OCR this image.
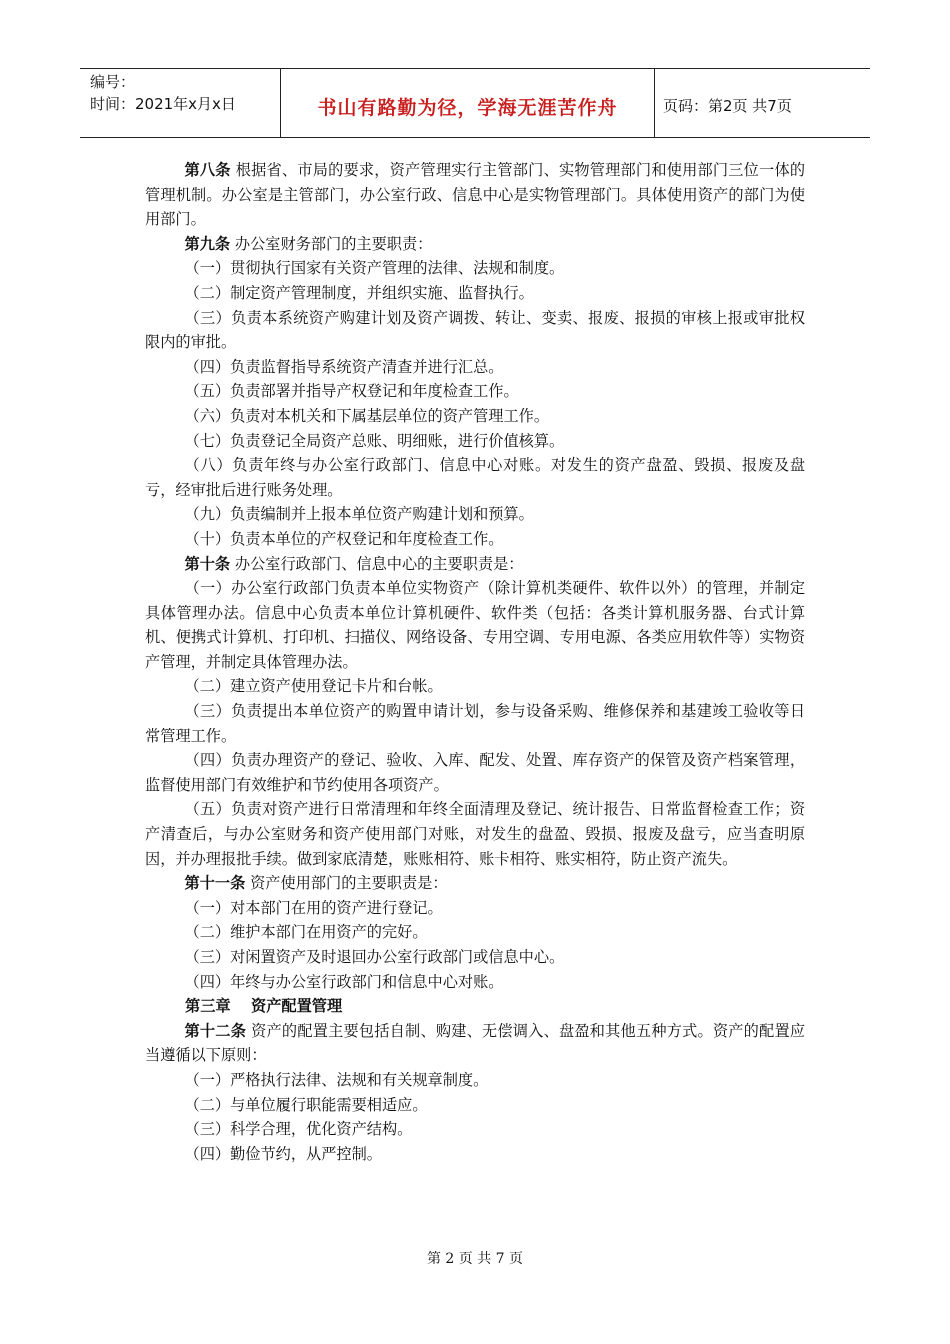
编号：
时间：2021年x月x日	书山有路勤为径，学海无涯苦作舟	页码：第2页 共7页

第八条 根据省、市局的要求，资产管理实行主管部门、实物管理部门和使用部门三位一体的管理机制。办公室是主管部门，办公室行政、信息中心是实物管理部门。具体使用资产的部门为使用部门。

第九条 办公室财务部门的主要职责：

（一）贯彻执行国家有关资产管理的法律、法规和制度。

（二）制定资产管理制度，并组织实施、监督执行。

（三）负责本系统资产购建计划及资产调拨、转让、变卖、报废、报损的审核上报或审批权限内的审批。

（四）负责监督指导系统资产清查并进行汇总。

（五）负责部署并指导产权登记和年度检查工作。

（六）负责对本机关和下属基层单位的资产管理工作。

（七）负责登记全局资产总账、明细账，进行价值核算。

（八）负责年终与办公室行政部门、信息中心对账。对发生的资产盘盈、毁损、报废及盘亏，经审批后进行账务处理。

（九）负责编制并上报本单位资产购建计划和预算。

（十）负责本单位的产权登记和年度检查工作。

第十条 办公室行政部门、信息中心的主要职责是：

（一）办公室行政部门负责本单位实物资产（除计算机类硬件、软件以外）的管理，并制定具体管理办法。信息中心负责本单位计算机硬件、软件类（包括：各类计算机服务器、台式计算机、便携式计算机、打印机、扫描仪、网络设备、专用空调、专用电源、各类应用软件等）实物资产管理，并制定具体管理办法。

（二）建立资产使用登记卡片和台帐。

（三）负责提出本单位资产的购置申请计划，参与设备采购、维修保养和基建竣工验收等日常管理工作。

（四）负责办理资产的登记、验收、入库、配发、处置、库存资产的保管及资产档案管理，监督使用部门有效维护和节约使用各项资产。

（五）负责对资产进行日常清理和年终全面清理及登记、统计报告、日常监督检查工作；资产清查后，与办公室财务和资产使用部门对账，对发生的盘盈、毁损、报废及盘亏，应当查明原因，并办理报批手续。做到家底清楚，账账相符、账卡相符、账实相符，防止资产流失。

第十一条 资产使用部门的主要职责是：

（一）对本部门在用的资产进行登记。

（二）维护本部门在用资产的完好。

（三）对闲置资产及时退回办公室行政部门或信息中心。

（四）年终与办公室行政部门和信息中心对账。

第三章　 资产配置管理

第十二条 资产的配置主要包括自制、购建、无偿调入、盘盈和其他五种方式。资产的配置应当遵循以下原则：

（一）严格执行法律、法规和有关规章制度。

（二）与单位履行职能需要相适应。

（三）科学合理，优化资产结构。

（四）勤俭节约，从严控制。

第 2 页 共 7 页
